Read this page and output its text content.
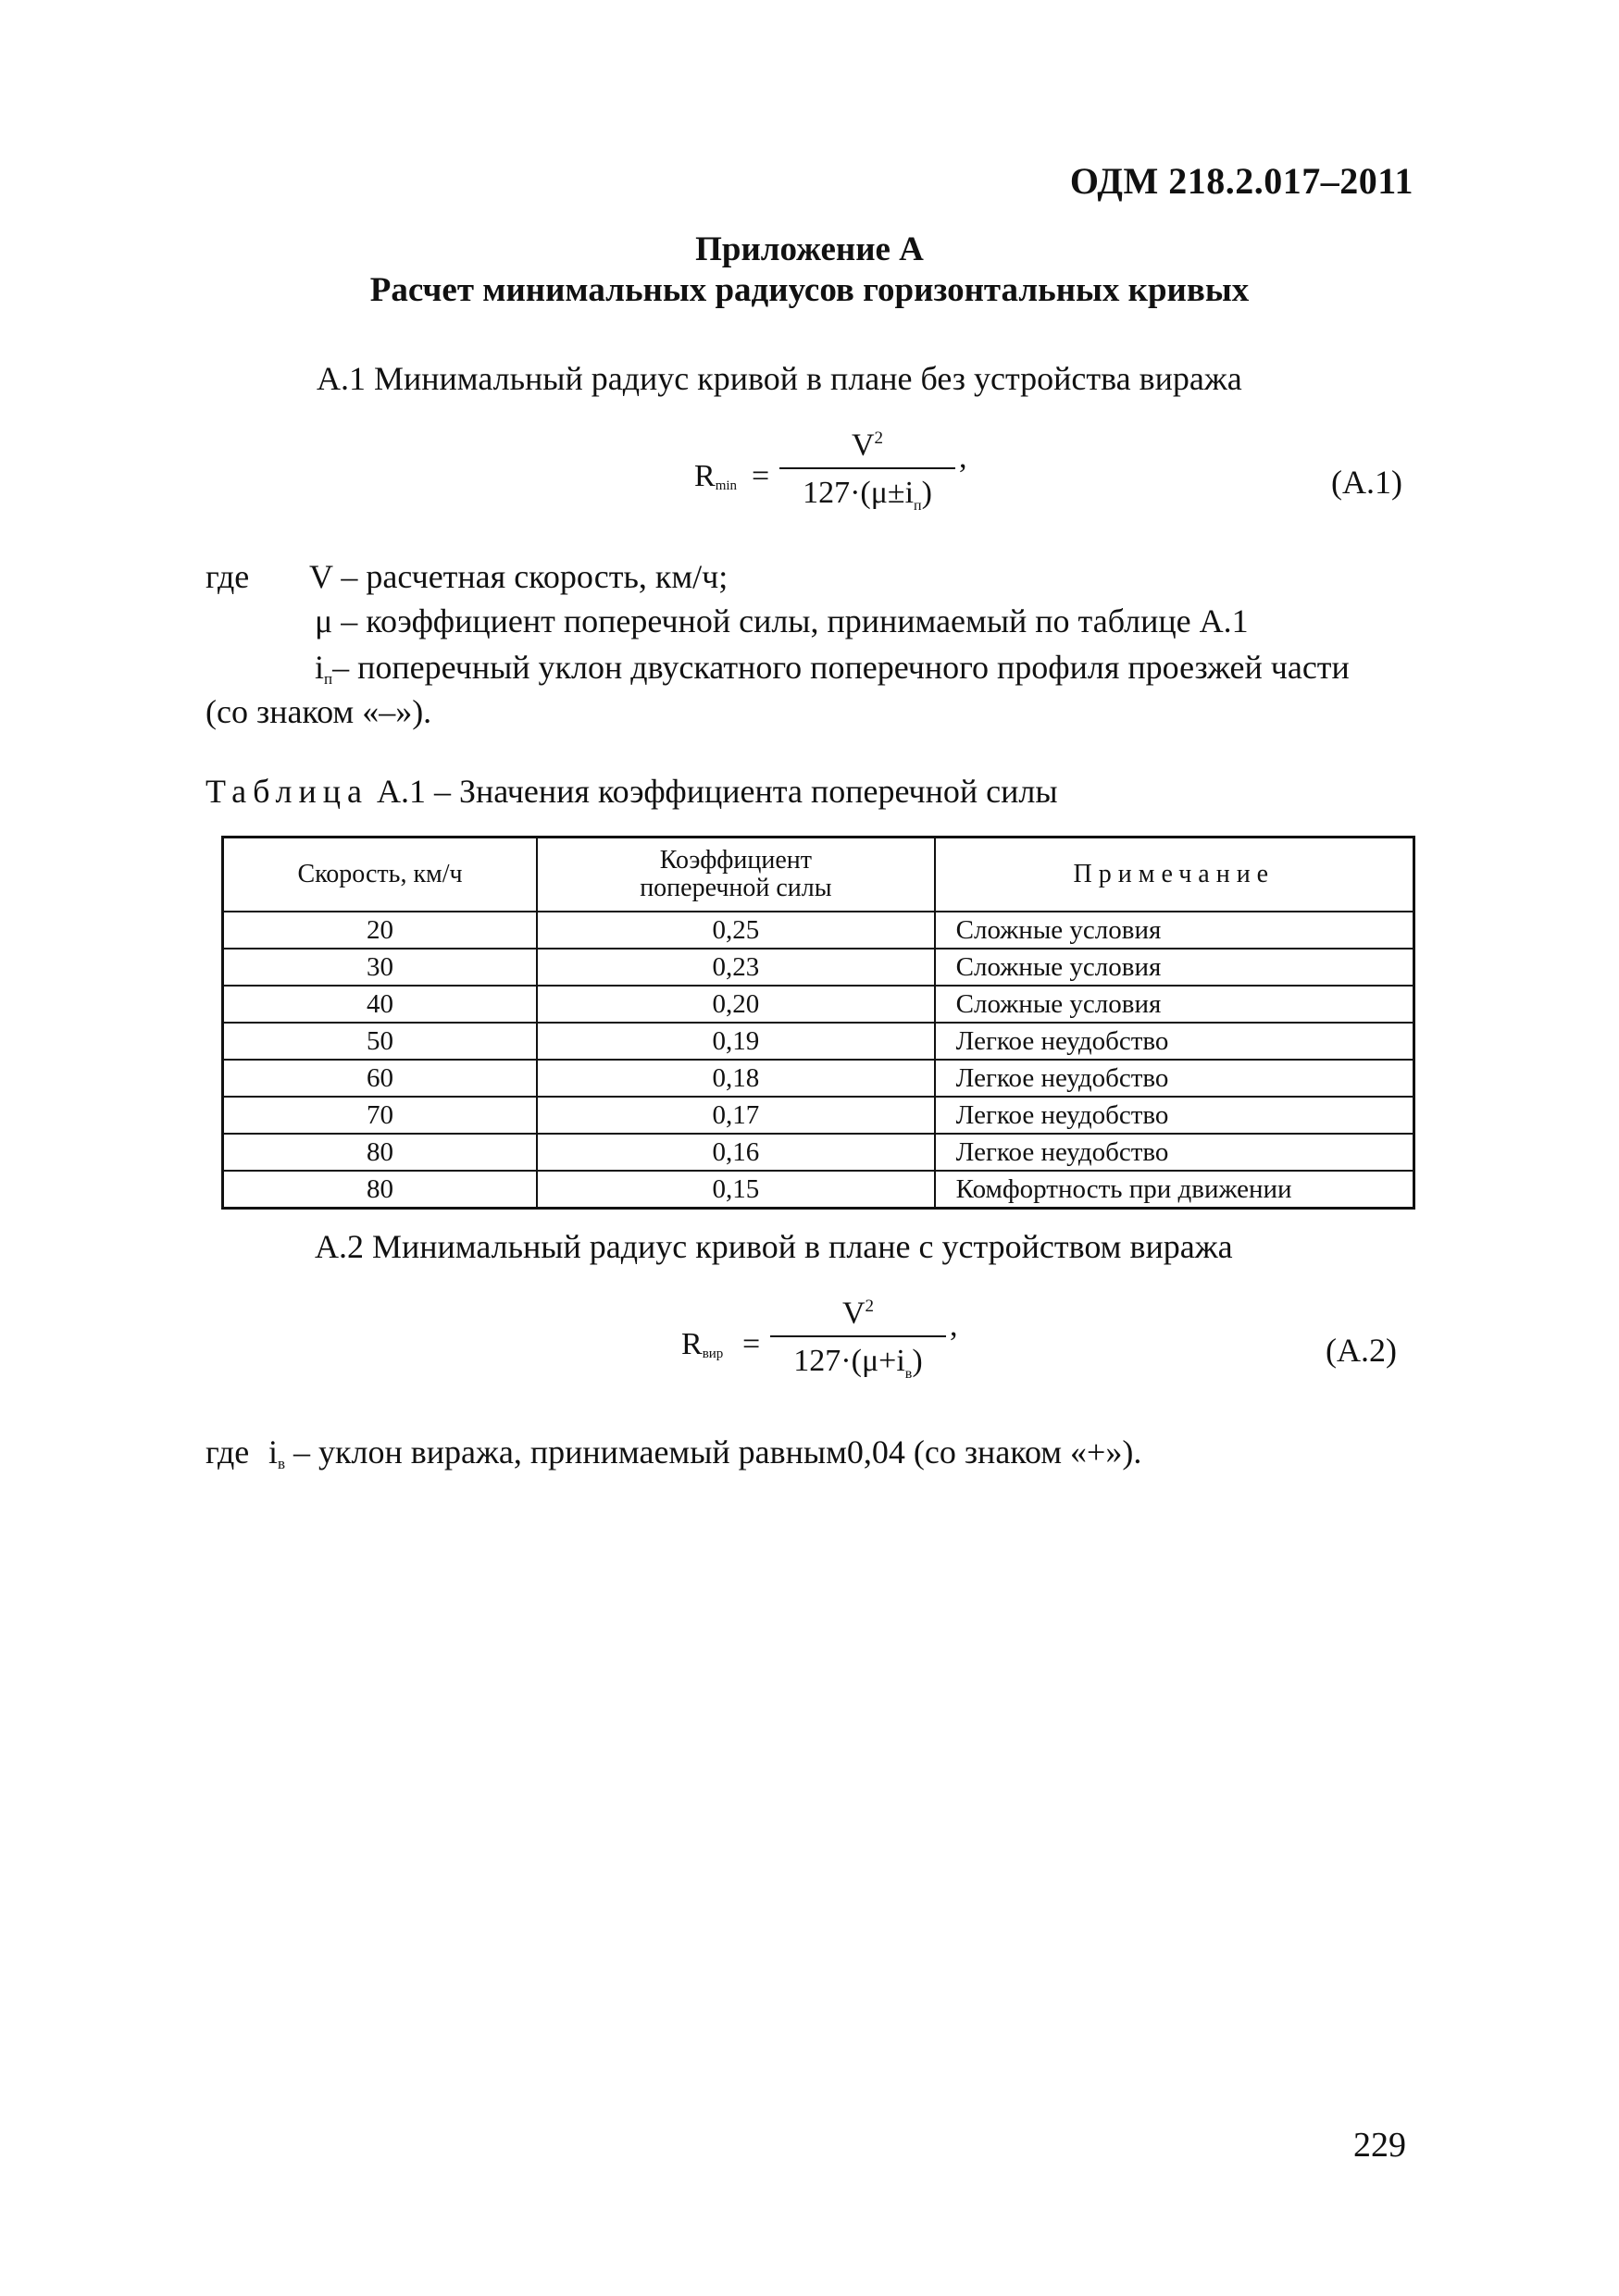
ОДМ 218.2.017–2011
Приложение А
Расчет минимальных радиусов горизонтальных кривых
А.1 Минимальный радиус кривой в плане без устройства виража
$R_{min}$ =
$V^2$
$127\cdot(\mu\pm i_п)$
,
(А.1)
где V – расчетная скорость, км/ч;
μ – коэффициент поперечной силы, принимаемый по таблице А.1
iп– поперечный уклон двускатного поперечного профиля проезжей части
(со знаком «–»).
Таблица А.1 – Значения коэффициента поперечной силы
Скорость, км/ч	Коэффициент поперечной силы	Примечание
20	0,25	Сложные условия
30	0,23	Сложные условия
40	0,20	Сложные условия
50	0,19	Легкое неудобство
60	0,18	Легкое неудобство
70	0,17	Легкое неудобство
80	0,16	Легкое неудобство
80	0,15	Комфортность при движении
А.2 Минимальный радиус кривой в плане с устройством виража
$R_{вир}$ =
$V^2$
$127\cdot(\mu+i_в)$
,
(А.2)
где iв – уклон виража, принимаемый равным0,04 (со знаком «+»).
229
